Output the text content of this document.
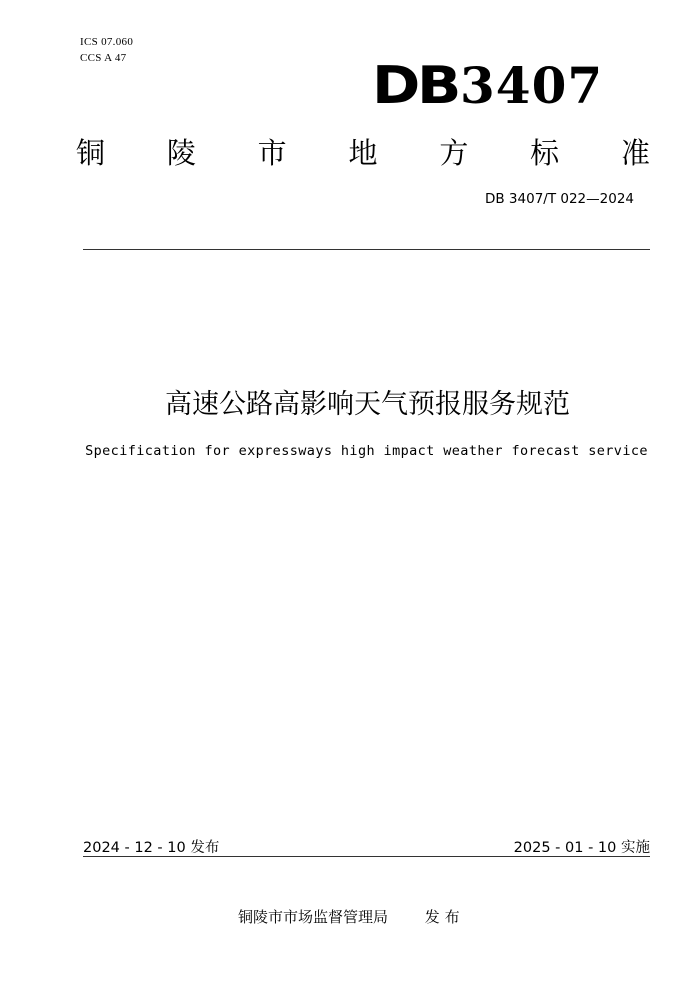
ICS 07.060
CCS A 47	DB 3407
铜 陵 市 地 方 标 准
DB 3407/T 022—2024
高速公路高影响天气预报服务规范
Specification for expressways high impact weather forecast service
2024 - 12 - 10 发布	2025 - 01 - 10 实施
铜陵市市场监督管理局 发 布
